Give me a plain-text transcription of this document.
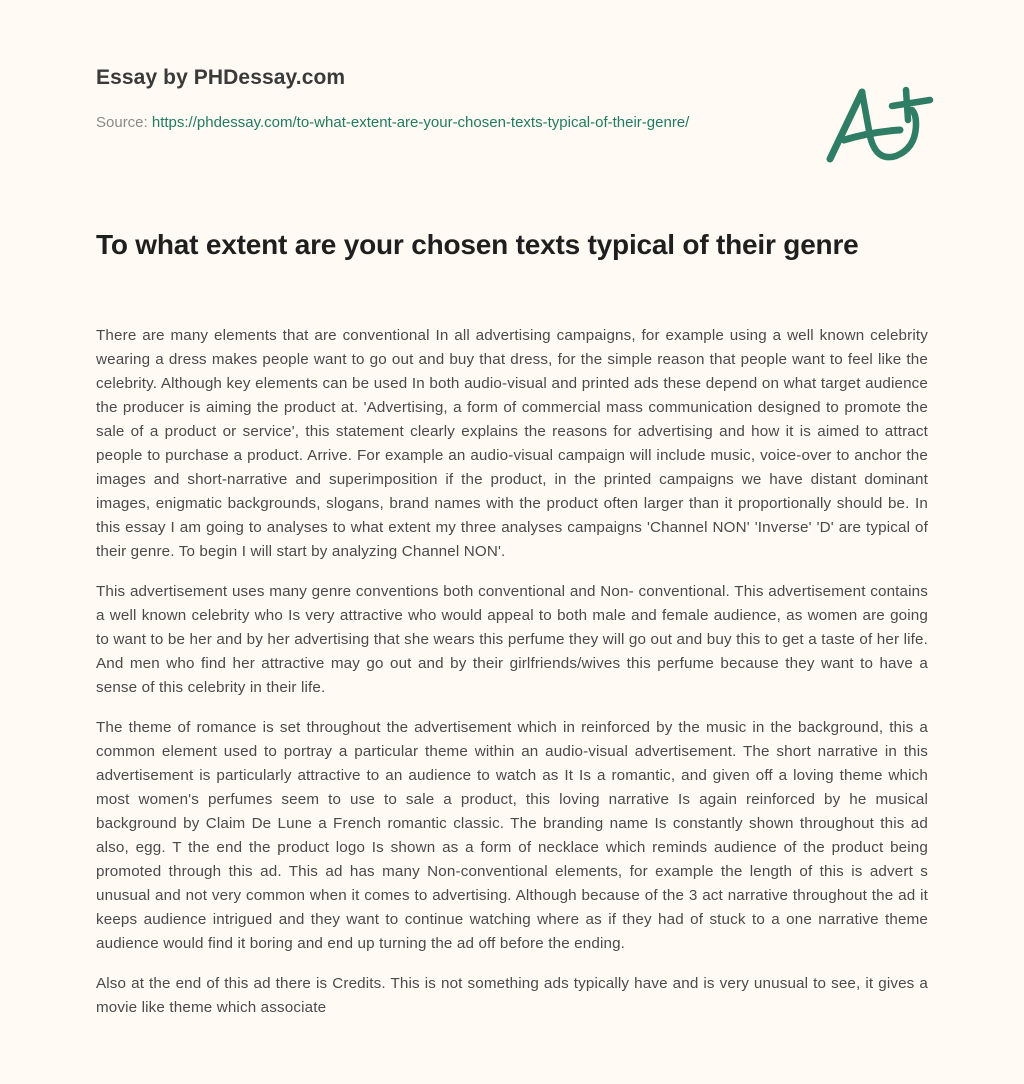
Essay by PHDessay.com
Source: https://phdessay.com/to-what-extent-are-your-chosen-texts-typical-of-their-genre/
To what extent are your chosen texts typical of their genre

There are many elements that are conventional In all advertising campaigns, for example using a well known celebrity wearing a dress makes people want to go out and buy that dress, for the simple reason that people want to feel like the celebrity. Although key elements can be used In both audio-visual and printed ads these depend on what target audience the producer is aiming the product at. 'Advertising, a form of commercial mass communication designed to promote the sale of a product or service', this statement clearly explains the reasons for advertising and how it is aimed to attract people to purchase a product. Arrive. For example an audio-visual campaign will include music, voice-over to anchor the images and short-narrative and superimposition if the product, in the printed campaigns we have distant dominant images, enigmatic backgrounds, slogans, brand names with the product often larger than it proportionally should be. In this essay I am going to analyses to what extent my three analyses campaigns 'Channel NON' 'Inverse' 'D' are typical of their genre. To begin I will start by analyzing Channel NON'.

This advertisement uses many genre conventions both conventional and Non- conventional. This advertisement contains a well known celebrity who Is very attractive who would appeal to both male and female audience, as women are going to want to be her and by her advertising that she wears this perfume they will go out and buy this to get a taste of her life. And men who find her attractive may go out and by their girlfriends/wives this perfume because they want to have a sense of this celebrity in their life.

The theme of romance is set throughout the advertisement which in reinforced by the music in the background, this a common element used to portray a particular theme within an audio-visual advertisement. The short narrative in this advertisement is particularly attractive to an audience to watch as It Is a romantic, and given off a loving theme which most women's perfumes seem to use to sale a product, this loving narrative Is again reinforced by he musical background by Claim De Lune a French romantic classic. The branding name Is constantly shown throughout this ad also, egg. T the end the product logo Is shown as a form of necklace which reminds audience of the product being promoted through this ad. This ad has many Non-conventional elements, for example the length of this is advert s unusual and not very common when it comes to advertising. Although because of the 3 act narrative throughout the ad it keeps audience intrigued and they want to continue watching where as if they had of stuck to a one narrative theme audience would find it boring and end up turning the ad off before the ending.

Also at the end of this ad there is Credits. This is not something ads typically have and is very unusual to see, it gives a movie like theme which associate
